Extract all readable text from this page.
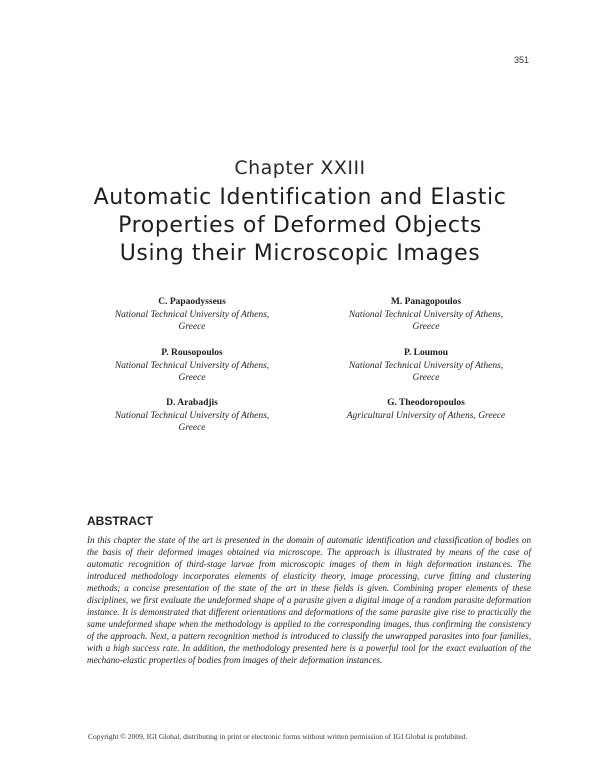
351
Chapter XXIII
Automatic Identification and Elastic
Properties of Deformed Objects
Using their Microscopic Images
C. Papaodysseus
National Technical University of Athens,
Greece
M. Panagopoulos
National Technical University of Athens,
Greece
P. Rousopoulos
National Technical University of Athens,
Greece
P. Loumou
National Technical University of Athens,
Greece
D. Arabadjis
National Technical University of Athens,
Greece
G. Theodoropoulos
Agricultural University of Athens, Greece
ABSTRACT

In this chapter the state of the art is presented in the domain of automatic identification and classification of bodies on the basis of their deformed images obtained via microscope. The approach is illustrated by means of the case of automatic recognition of third-stage larvae from microscopic images of them in high deformation instances. The introduced methodology incorporates elements of elasticity theory, image processing, curve fitting and clustering methods; a concise presentation of the state of the art in these fields is given. Combining proper elements of these disciplines, we first evaluate the undeformed shape of a parasite given a digital image of a random parasite deformation instance. It is demonstrated that different orientations and deformations of the same parasite give rise to practically the same undeformed shape when the methodology is applied to the corresponding images, thus confirming the consistency of the approach. Next, a pattern recognition method is introduced to classify the unwrapped parasites into four families, with a high success rate. In addition, the methodology presented here is a powerful tool for the exact evaluation of the mechano-elastic properties of bodies from images of their deformation instances.

Copyright © 2009, IGI Global, distributing in print or electronic forms without written permission of IGI Global is prohibited.
